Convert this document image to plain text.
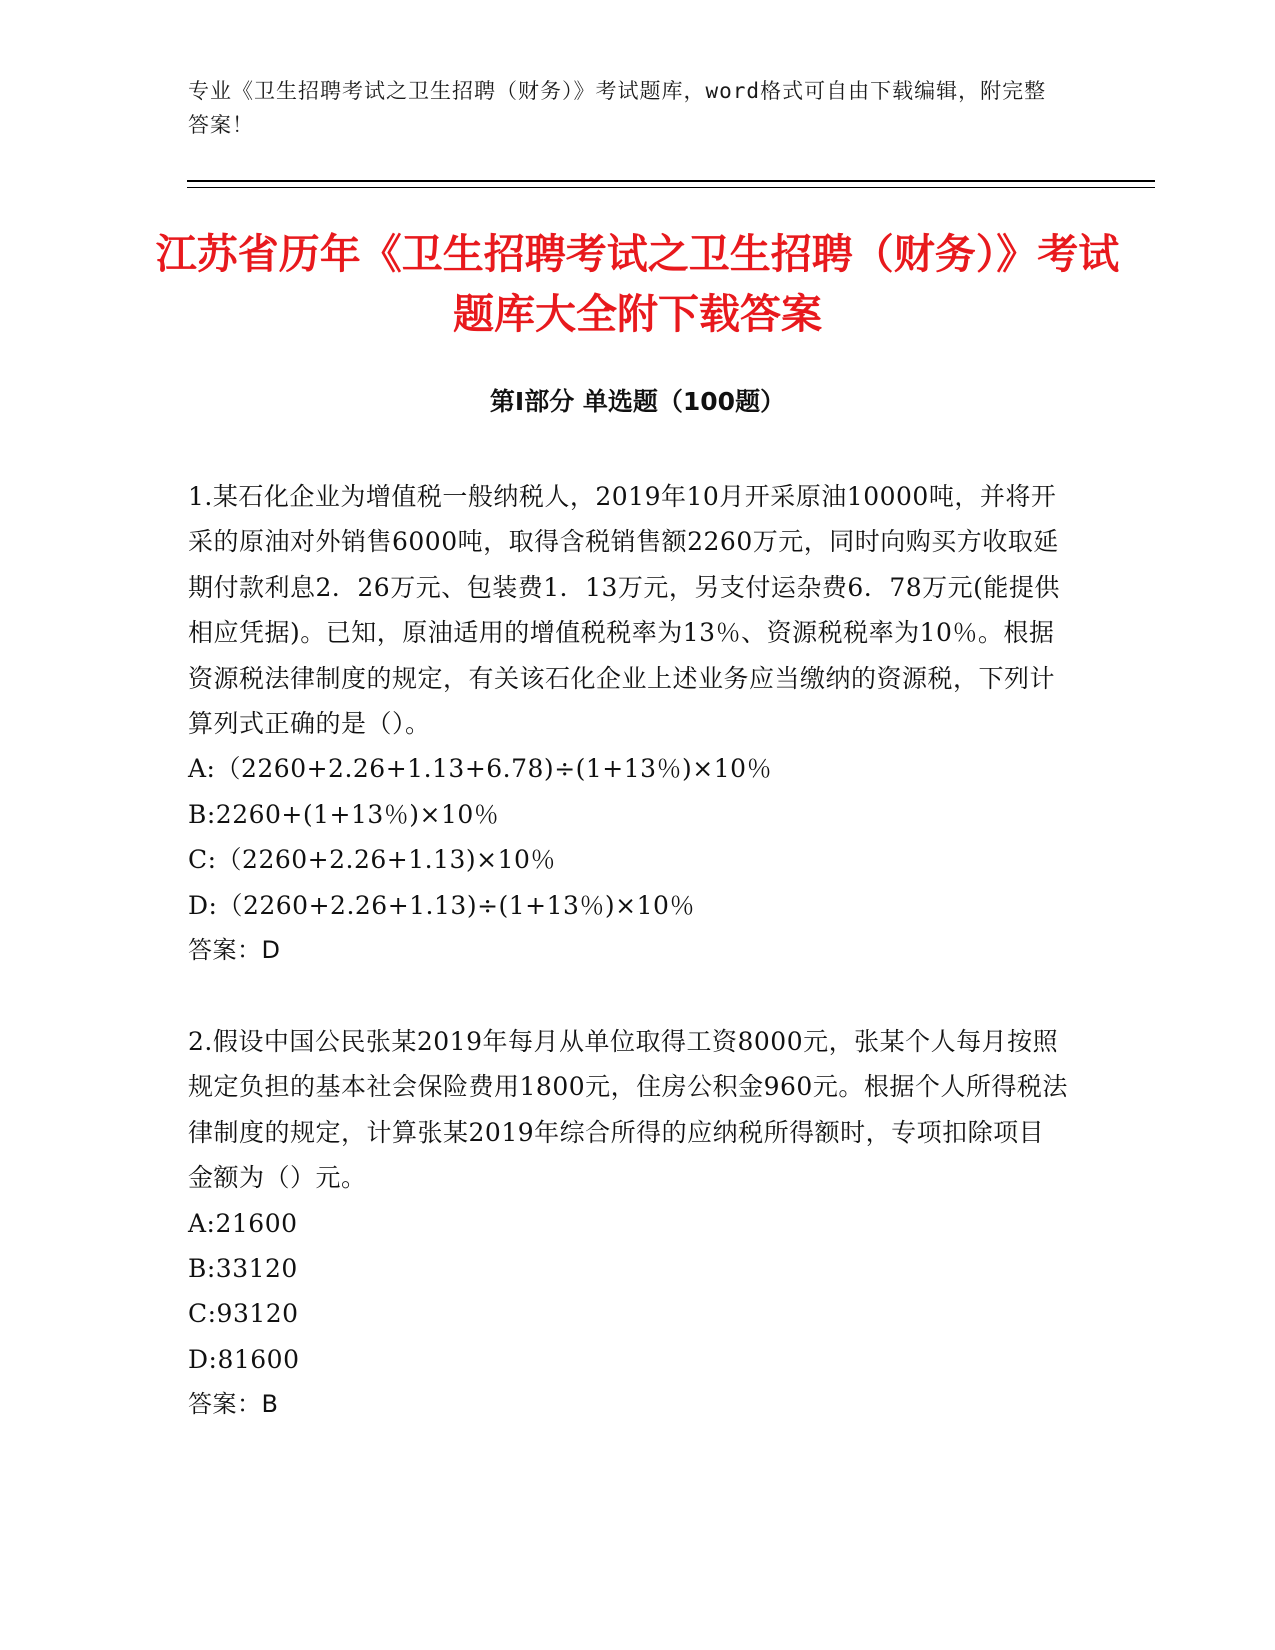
专业《卫生招聘考试之卫生招聘（财务）》考试题库，word格式可自由下载编辑，附完整答案！
江苏省历年《卫生招聘考试之卫生招聘（财务）》考试题库大全附下载答案
第Ⅰ部分 单选题（100题）

1.某石化企业为增值税一般纳税人，2019年10月开采原油10000吨，并将开采的原油对外销售6000吨，取得含税销售额2260万元，同时向购买方收取延期付款利息2．26万元、包装费1．13万元，另支付运杂费6．78万元(能提供相应凭据)。已知，原油适用的增值税税率为13％、资源税税率为10％。根据资源税法律制度的规定，有关该石化企业上述业务应当缴纳的资源税，下列计算列式正确的是（）。

A:（2260+2.26+1.13+6.78)÷(1+13％)×10％
B:2260+(1+13％)×10％
C:（2260+2.26+1.13)×10％
D:（2260+2.26+1.13)÷(1+13％)×10％
答案：D

2.假设中国公民张某2019年每月从单位取得工资8000元，张某个人每月按照规定负担的基本社会保险费用1800元，住房公积金960元。根据个人所得税法律制度的规定，计算张某2019年综合所得的应纳税所得额时，专项扣除项目金额为（）元。

A:21600
B:33120
C:93120
D:81600
答案：B
